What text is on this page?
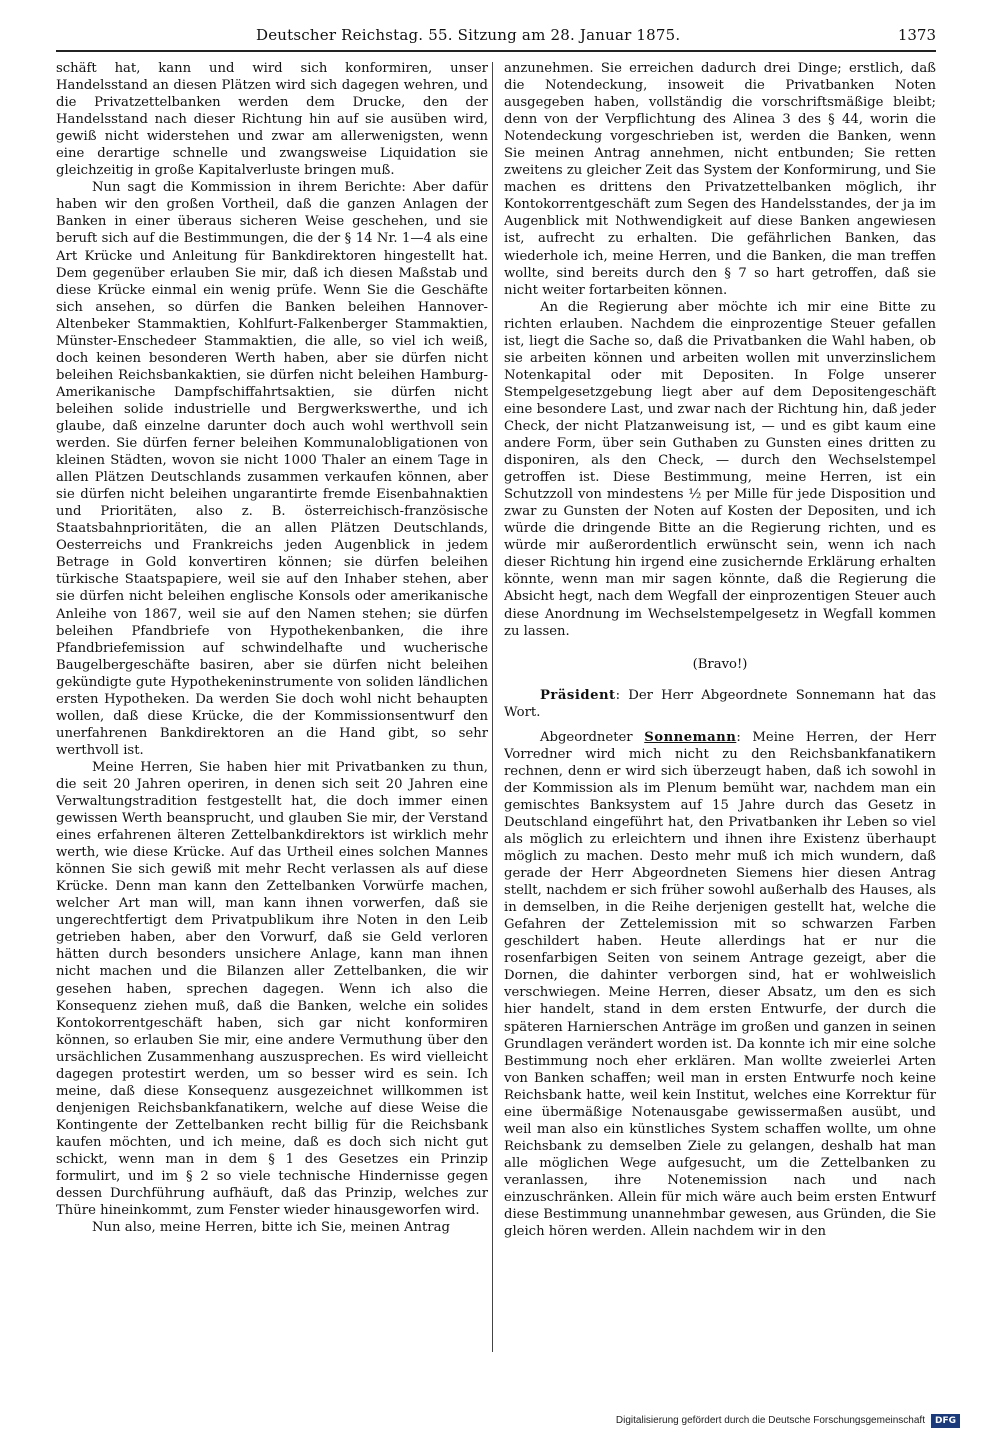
Deutscher Reichstag. 55. Sitzung am 28. Januar 1875.	1373

schäft hat, kann und wird sich konformiren, unser Handelsstand an diesen Plätzen wird sich dagegen wehren, und die Privatzettelbanken werden dem Drucke, den der Handelsstand nach dieser Richtung hin auf sie ausüben wird, gewiß nicht widerstehen und zwar am allerwenigsten, wenn eine derartige schnelle und zwangsweise Liquidation sie gleichzeitig in große Kapitalverluste bringen muß.

Nun sagt die Kommission in ihrem Berichte: Aber dafür haben wir den großen Vortheil, daß die ganzen Anlagen der Banken in einer überaus sicheren Weise geschehen, und sie beruft sich auf die Bestimmungen, die der § 14 Nr. 1—4 als eine Art Krücke und Anleitung für Bankdirektoren hingestellt hat. Dem gegenüber erlauben Sie mir, daß ich diesen Maßstab und diese Krücke einmal ein wenig prüfe. Wenn Sie die Geschäfte sich ansehen, so dürfen die Banken beleihen Hannover-Altenbeker Stammaktien, Kohlfurt-Falkenberger Stammaktien, Münster-Enschedeer Stammaktien, die alle, so viel ich weiß, doch keinen besonderen Werth haben, aber sie dürfen nicht beleihen Reichsbankaktien, sie dürfen nicht beleihen Hamburg-Amerikanische Dampfschiffahrtsaktien, sie dürfen nicht beleihen solide industrielle und Bergwerkswerthe, und ich glaube, daß einzelne darunter doch auch wohl werthvoll sein werden. Sie dürfen ferner beleihen Kommunalobligationen von kleinen Städten, wovon sie nicht 1000 Thaler an einem Tage in allen Plätzen Deutschlands zusammen verkaufen können, aber sie dürfen nicht beleihen ungarantirte fremde Eisenbahnaktien und Prioritäten, also z. B. österreichisch-französische Staatsbahnprioritäten, die an allen Plätzen Deutschlands, Oesterreichs und Frankreichs jeden Augenblick in jedem Betrage in Gold konvertiren können; sie dürfen beleihen türkische Staatspapiere, weil sie auf den Inhaber stehen, aber sie dürfen nicht beleihen englische Konsols oder amerikanische Anleihe von 1867, weil sie auf den Namen stehen; sie dürfen beleihen Pfandbriefe von Hypothekenbanken, die ihre Pfandbriefemission auf schwindelhafte und wucherische Baugelbergeschäfte basiren, aber sie dürfen nicht beleihen gekündigte gute Hypothekeninstrumente von soliden ländlichen ersten Hypotheken. Da werden Sie doch wohl nicht behaupten wollen, daß diese Krücke, die der Kommissionsentwurf den unerfahrenen Bankdirektoren an die Hand gibt, so sehr werthvoll ist.

Meine Herren, Sie haben hier mit Privatbanken zu thun, die seit 20 Jahren operiren, in denen sich seit 20 Jahren eine Verwaltungstradition festgestellt hat, die doch immer einen gewissen Werth beansprucht, und glauben Sie mir, der Verstand eines erfahrenen älteren Zettelbankdirektors ist wirklich mehr werth, wie diese Krücke. Auf das Urtheil eines solchen Mannes können Sie sich gewiß mit mehr Recht verlassen als auf diese Krücke. Denn man kann den Zettelbanken Vorwürfe machen, welcher Art man will, man kann ihnen vorwerfen, daß sie ungerechtfertigt dem Privatpublikum ihre Noten in den Leib getrieben haben, aber den Vorwurf, daß sie Geld verloren hätten durch besonders unsichere Anlage, kann man ihnen nicht machen und die Bilanzen aller Zettelbanken, die wir gesehen haben, sprechen dagegen. Wenn ich also die Konsequenz ziehen muß, daß die Banken, welche ein solides Kontokorrentgeschäft haben, sich gar nicht konformiren können, so erlauben Sie mir, eine andere Vermuthung über den ursächlichen Zusammenhang auszusprechen. Es wird vielleicht dagegen protestirt werden, um so besser wird es sein. Ich meine, daß diese Konsequenz ausgezeichnet willkommen ist denjenigen Reichsbankfanatikern, welche auf diese Weise die Kontingente der Zettelbanken recht billig für die Reichsbank kaufen möchten, und ich meine, daß es doch sich nicht gut schickt, wenn man in dem § 1 des Gesetzes ein Prinzip formulirt, und im § 2 so viele technische Hindernisse gegen dessen Durchführung aufhäuft, daß das Prinzip, welches zur Thüre hineinkommt, zum Fenster wieder hinausgeworfen wird.

Nun also, meine Herren, bitte ich Sie, meinen Antrag

anzunehmen. Sie erreichen dadurch drei Dinge; erstlich, daß die Notendeckung, insoweit die Privatbanken Noten ausgegeben haben, vollständig die vorschriftsmäßige bleibt; denn von der Verpflichtung des Alinea 3 des § 44, worin die Notendeckung vorgeschrieben ist, werden die Banken, wenn Sie meinen Antrag annehmen, nicht entbunden; Sie retten zweitens zu gleicher Zeit das System der Konformirung, und Sie machen es drittens den Privatzettelbanken möglich, ihr Kontokorrentgeschäft zum Segen des Handelsstandes, der ja im Augenblick mit Nothwendigkeit auf diese Banken angewiesen ist, aufrecht zu erhalten. Die gefährlichen Banken, das wiederhole ich, meine Herren, und die Banken, die man treffen wollte, sind bereits durch den § 7 so hart getroffen, daß sie nicht weiter fortarbeiten können.

An die Regierung aber möchte ich mir eine Bitte zu richten erlauben. Nachdem die einprozentige Steuer gefallen ist, liegt die Sache so, daß die Privatbanken die Wahl haben, ob sie arbeiten können und arbeiten wollen mit unverzinslichem Notenkapital oder mit Depositen. In Folge unserer Stempelgesetzgebung liegt aber auf dem Depositengeschäft eine besondere Last, und zwar nach der Richtung hin, daß jeder Check, der nicht Platzanweisung ist, — und es gibt kaum eine andere Form, über sein Guthaben zu Gunsten eines dritten zu disponiren, als den Check, — durch den Wechselstempel getroffen ist. Diese Bestimmung, meine Herren, ist ein Schutzzoll von mindestens ½ per Mille für jede Disposition und zwar zu Gunsten der Noten auf Kosten der Depositen, und ich würde die dringende Bitte an die Regierung richten, und es würde mir außerordentlich erwünscht sein, wenn ich nach dieser Richtung hin irgend eine zusichernde Erklärung erhalten könnte, wenn man mir sagen könnte, daß die Regierung die Absicht hegt, nach dem Wegfall der einprozentigen Steuer auch diese Anordnung im Wechselstempelgesetz in Wegfall kommen zu lassen.

(Bravo!)

Präsident: Der Herr Abgeordnete Sonnemann hat das Wort.

Abgeordneter Sonnemann: Meine Herren, der Herr Vorredner wird mich nicht zu den Reichsbankfanatikern rechnen, denn er wird sich überzeugt haben, daß ich sowohl in der Kommission als im Plenum bemüht war, nachdem man ein gemischtes Banksystem auf 15 Jahre durch das Gesetz in Deutschland eingeführt hat, den Privatbanken ihr Leben so viel als möglich zu erleichtern und ihnen ihre Existenz überhaupt möglich zu machen. Desto mehr muß ich mich wundern, daß gerade der Herr Abgeordneten Siemens hier diesen Antrag stellt, nachdem er sich früher sowohl außerhalb des Hauses, als in demselben, in die Reihe derjenigen gestellt hat, welche die Gefahren der Zettelemission mit so schwarzen Farben geschildert haben. Heute allerdings hat er nur die rosenfarbigen Seiten von seinem Antrage gezeigt, aber die Dornen, die dahinter verborgen sind, hat er wohlweislich verschwiegen. Meine Herren, dieser Absatz, um den es sich hier handelt, stand in dem ersten Entwurfe, der durch die späteren Harnierschen Anträge im großen und ganzen in seinen Grundlagen verändert worden ist. Da konnte ich mir eine solche Bestimmung noch eher erklären. Man wollte zweierlei Arten von Banken schaffen; weil man in ersten Entwurfe noch keine Reichsbank hatte, weil kein Institut, welches eine Korrektur für eine übermäßige Notenausgabe gewissermaßen ausübt, und weil man also ein künstliches System schaffen wollte, um ohne Reichsbank zu demselben Ziele zu gelangen, deshalb hat man alle möglichen Wege aufgesucht, um die Zettelbanken zu veranlassen, ihre Notenemission nach und nach einzuschränken. Allein für mich wäre auch beim ersten Entwurf diese Bestimmung unannehmbar gewesen, aus Gründen, die Sie gleich hören werden. Allein nachdem wir in den

Digitalisierung gefördert durch die Deutsche Forschungsgemeinschaft	DFG
